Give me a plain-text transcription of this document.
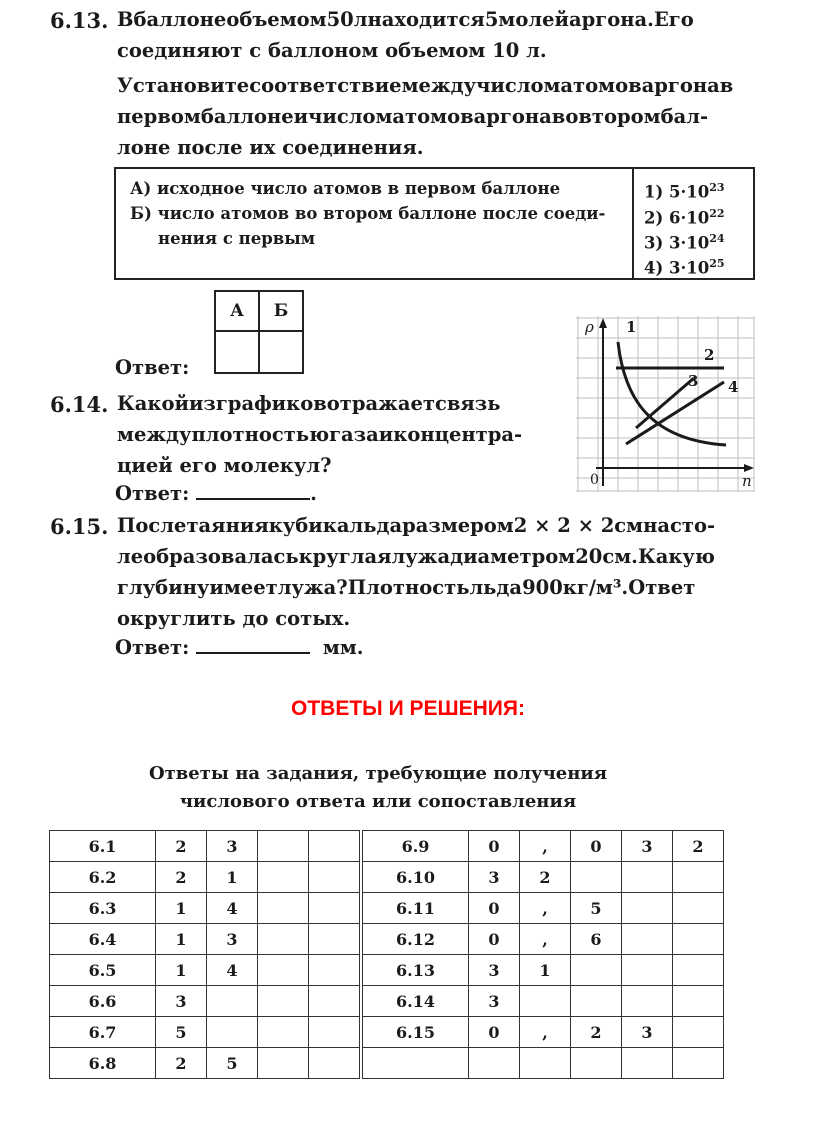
6.13. Вбаллонеобъемом50лнаходится5молейаргона.Его
соединяют с баллоном объемом 10 л.
Установитесоответствиемеждучисломатомоваргонав
первомбаллонеичисломатомоваргонавовторомбал-
лоне после их соединения.
А) исходное число атомов в первом баллоне
Б) число атомов во втором баллоне после соеди-
нения с первым
1) $5\cdot 10^{23}$
2) $6\cdot 10^{22}$
3) $3\cdot 10^{24}$
4) $3\cdot 10^{25}$
А	Б

Ответ:
6.14. Какойизграфиковотражаетсвязь
междуплотностьюгазаиконцентра-
цией его молекул?
Ответ:	.
ρ
n
0
1
2
3 4
6.15. Послетаяниякубикальдаразмером2 × 2 × 2смнасто-
леобразоваласькруглаялужадиаметром20см.Какую
глубинуимеетлужа?Плотностьльда900кг/м³.Ответ
округлить до сотых.
Ответ:	мм.
ОТВЕТЫ И РЕШЕНИЯ:
Ответы на задания, требующие получения
числового ответа или сопоставления
6.1	2	3			6.9	0	,	0	3	2
6.2	2	1			6.10	3	2			
6.3	1	4			6.11	0	,	5		
6.4	1	3			6.12	0	,	6		
6.5	1	4			6.13	3	1			
6.6	3				6.14	3				
6.7	5				6.15	0	,	2	3	
6.8	2	5								
